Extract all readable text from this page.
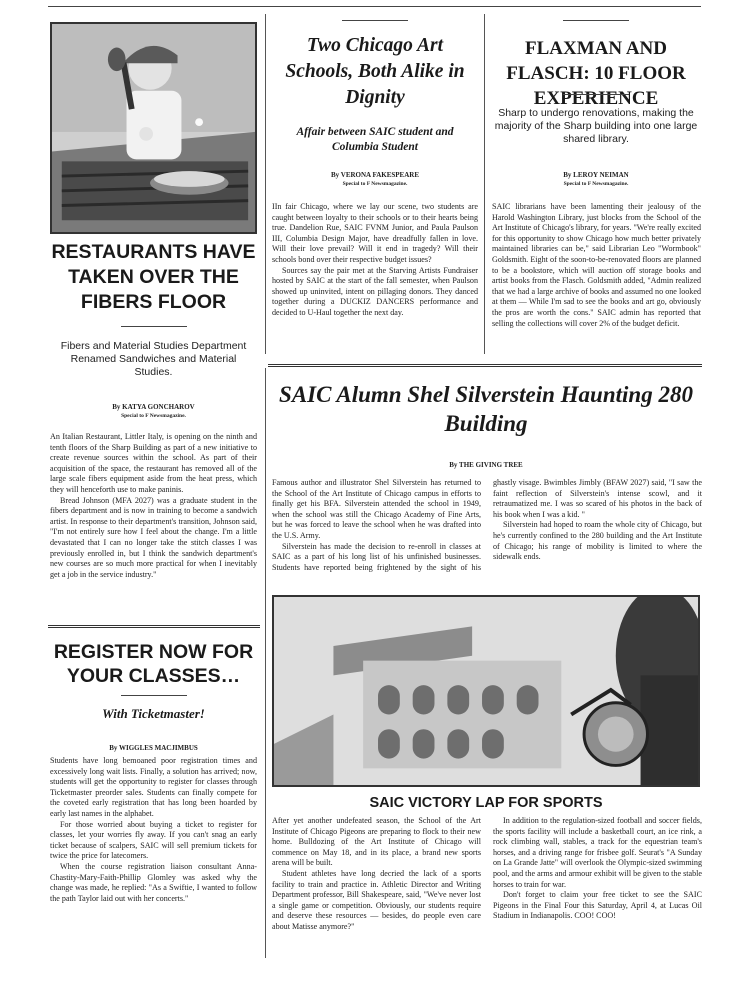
RESTAURANTS HAVE TAKEN OVER THE FIBERS FLOOR
Fibers and Material Studies Department Renamed Sandwiches and Material Studies.
By KATYA GONCHAROV
Special to F Newsmagazine.

An Italian Restaurant, Littler Italy, is opening on the ninth and tenth floors of the Sharp Building as part of a new initiative to create revenue sources within the school. As part of their acquisition of the space, the restaurant has removed all of the large scale fibers equipment aside from the heat press, which they will henceforth use to make paninis.

Bread Johnson (MFA 2027) was a graduate student in the fibers department and is now in training to become a sandwich artist. In response to their department's transition, Johnson said, "I'm not entirely sure how I feel about the change. I'm a little devastated that I can no longer take the stitch classes I was previously enrolled in, but I think the sandwich department's new courses are so much more practical for when I inevitably get a job in the service industry."

REGISTER NOW FOR YOUR CLASSES…
With Ticketmaster!
By WIGGLES MACJIMBUS

Students have long bemoaned poor registration times and excessively long wait lists. Finally, a solution has arrived; now, students will get the opportunity to register for classes through Ticketmaster preorder sales. Students can finally compete for the coveted early registration that has long been hoarded by early last names in the alphabet.

For those worried about buying a ticket to register for classes, let your worries fly away. If you can't snag an early ticket because of scalpers, SAIC will sell premium tickets for twice the price for latecomers.

When the course registration liaison consultant Anna-Chastity-Mary-Faith-Phillip Glomley was asked why the change was made, he replied: "As a Swiftie, I wanted to follow the path Taylor laid out with her concerts."

Two Chicago Art Schools, Both Alike in Dignity
Affair between SAIC student and Columbia Student
By VERONA FAKESPEARE
Special to F Newsmagazine.

IIn fair Chicago, where we lay our scene, two students are caught between loyalty to their schools or to their hearts being true. Dandelion Rue, SAIC FVNM Junior, and Paula Paulson III, Columbia Design Major, have dreadfully fallen in love. Will their love prevail? Will it end in tragedy? Will their schools bond over their respective budget issues?

Sources say the pair met at the Starving Artists Fundraiser hosted by SAIC at the start of the fall semester, when Paulson showed up uninvited, intent on pillaging donors. They danced together during a DUCKIZ DANCERS performance and decided to U-Haul together the next day.

FLAXMAN AND FLASCH: 10 FLOOR EXPERIENCE
Sharp to undergo renovations, making the majority of the Sharp building into one large shared library.
By LEROY NEIMAN
Special to F Newsmagazine.

SAIC librarians have been lamenting their jealousy of the Harold Washington Library, just blocks from the School of the Art Institute of Chicago's library, for years. "We're really excited for this opportunity to show Chicago how much better privately maintained libraries can be," said Librarian Leo "Wormbook" Goldsmith. Eight of the soon-to-be-renovated floors are planned to be a bookstore, which will auction off storage books and artist books from the Flasch. Goldsmith added, "Admin realized that we had a large archive of books and assumed no one looked at them — While I'm sad to see the books and art go, obviously the pros are worth the cons." SAIC admin has reported that selling the collections will cover 2% of the budget deficit.

SAIC Alumn Shel Silverstein Haunting 280 Building
By THE GIVING TREE

Famous author and illustrator Shel Silverstein has returned to the School of the Art Institute of Chicago campus in efforts to finally get his BFA. Silverstein attended the school in 1949, when the school was still the Chicago Academy of Fine Arts, but he was forced to leave the school when he was drafted into the U.S. Army.

Silverstein has made the decision to re-enroll in classes at SAIC as a part of his long list of his unfinished businesses. Students have reported being frightened by the sight of his ghastly visage. Bwimbles Jimbly (BFAW 2027) said, "I saw the faint reflection of Silverstein's intense scowl, and it retraumatized me. I was so scared of his photos in the back of his book when I was a kid. "

Silverstein had hoped to roam the whole city of Chicago, but he's currently confined to the 280 building and the Art Institute of Chicago; his range of mobility is limited to where the sidewalk ends.

SAIC VICTORY LAP FOR SPORTS

After yet another undefeated season, the School of the Art Institute of Chicago Pigeons are preparing to flock to their new home. Bulldozing of the Art Institute of Chicago will commence on May 18, and in its place, a brand new sports arena will be built.

Student athletes have long decried the lack of a sports facility to train and practice in. Athletic Director and Writing Department professor, Bill Shakespeare, said, "We've never lost a single game or competition. Obviously, our students require and deserve these resources — besides, do people even care about Matisse anymore?"

In addition to the regulation-sized football and soccer fields, the sports facility will include a basketball court, an ice rink, a rock climbing wall, stables, a track for the equestrian team's horses, and a driving range for frisbee golf. Seurat's "A Sunday on La Grande Jatte" will overlook the Olympic-sized swimming pool, and the arms and armour exhibit will be given to the stable horses to train for war.

Don't forget to claim your free ticket to see the SAIC Pigeons in the Final Four this Saturday, April 4, at Lucas Oil Stadium in Indianapolis. COO! COO!
